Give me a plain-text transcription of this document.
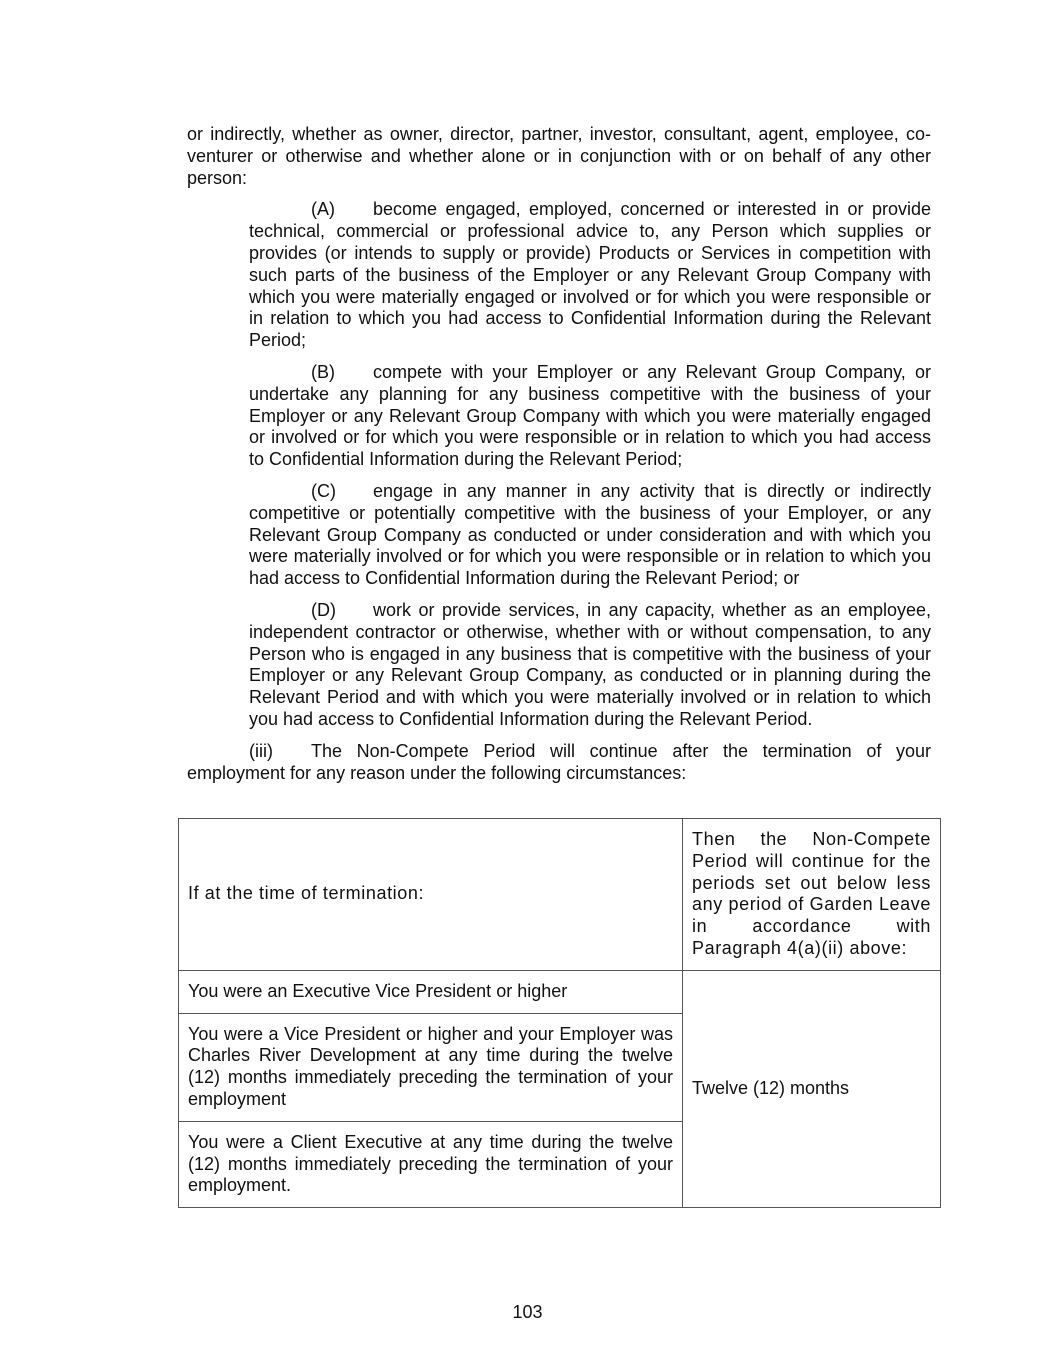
or indirectly, whether as owner, director, partner, investor, consultant, agent, employee, co-venturer or otherwise and whether alone or in conjunction with or on behalf of any other person:

(A) become engaged, employed, concerned or interested in or provide technical, commercial or professional advice to, any Person which supplies or provides (or intends to supply or provide) Products or Services in competition with such parts of the business of the Employer or any Relevant Group Company with which you were materially engaged or involved or for which you were responsible or in relation to which you had access to Confidential Information during the Relevant Period;

(B) compete with your Employer or any Relevant Group Company, or undertake any planning for any business competitive with the business of your Employer or any Relevant Group Company with which you were materially engaged or involved or for which you were responsible or in relation to which you had access to Confidential Information during the Relevant Period;

(C) engage in any manner in any activity that is directly or indirectly competitive or potentially competitive with the business of your Employer, or any Relevant Group Company as conducted or under consideration and with which you were materially involved or for which you were responsible or in relation to which you had access to Confidential Information during the Relevant Period; or

(D) work or provide services, in any capacity, whether as an employee, independent contractor or otherwise, whether with or without compensation, to any Person who is engaged in any business that is competitive with the business of your Employer or any Relevant Group Company, as conducted or in planning during the Relevant Period and with which you were materially involved or in relation to which you had access to Confidential Information during the Relevant Period.

(iii) The Non-Compete Period will continue after the termination of your employment for any reason under the following circumstances:

If at the time of termination:	Then the Non-Compete Period will continue for the periods set out below less any period of Garden Leave in accordance with Paragraph 4(a)(ii) above:
You were an Executive Vice President or higher	Twelve (12) months
You were a Vice President or higher and your Employer was Charles River Development at any time during the twelve (12) months immediately preceding the termination of your employment	
You were a Client Executive at any time during the twelve (12) months immediately preceding the termination of your employment.	
103
